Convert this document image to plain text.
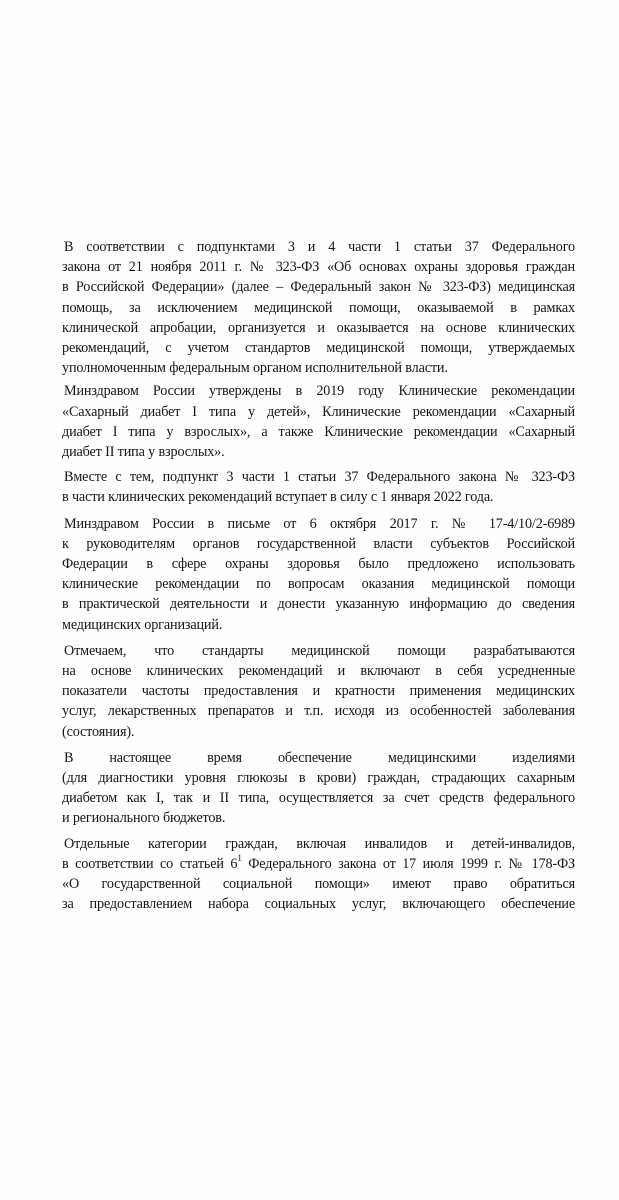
В соответствии с подпунктами 3 и 4 части 1 статьи 37 Федерального
закона от 21 ноября 2011 г. № 323-ФЗ «Об основах охраны здоровья граждан
в Российской Федерации» (далее – Федеральный закон № 323-ФЗ) медицинская
помощь, за исключением медицинской помощи, оказываемой в рамках
клинической апробации, организуется и оказывается на основе клинических
рекомендаций, с учетом стандартов медицинской помощи, утверждаемых
уполномоченным федеральным органом исполнительной власти.

Минздравом России утверждены в 2019 году Клинические рекомендации
«Сахарный диабет I типа у детей», Клинические рекомендации «Сахарный
диабет I типа у взрослых», а также Клинические рекомендации «Сахарный
диабет II типа у взрослых».

Вместе с тем, подпункт 3 части 1 статьи 37 Федерального закона № 323-ФЗ
в части клинических рекомендаций вступает в силу с 1 января 2022 года.

Минздравом России в письме от 6 октября 2017 г. № 17-4/10/2-6989
к руководителям органов государственной власти субъектов Российской
Федерации в сфере охраны здоровья было предложено использовать
клинические рекомендации по вопросам оказания медицинской помощи
в практической деятельности и донести указанную информацию до сведения
медицинских организаций.

Отмечаем, что стандарты медицинской помощи разрабатываются
на основе клинических рекомендаций и включают в себя усредненные
показатели частоты предоставления и кратности применения медицинских
услуг, лекарственных препаратов и т.п. исходя из особенностей заболевания
(состояния).

В настоящее время обеспечение медицинскими изделиями
(для диагностики уровня глюкозы в крови) граждан, страдающих сахарным
диабетом как I, так и II типа, осуществляется за счет средств федерального
и регионального бюджетов.

Отдельные категории граждан, включая инвалидов и детей-инвалидов,
в соответствии со статьей $6^1$ Федерального закона от 17 июля 1999 г. № 178-ФЗ
«О государственной социальной помощи» имеют право обратиться
за предоставлением набора социальных услуг, включающего обеспечение
